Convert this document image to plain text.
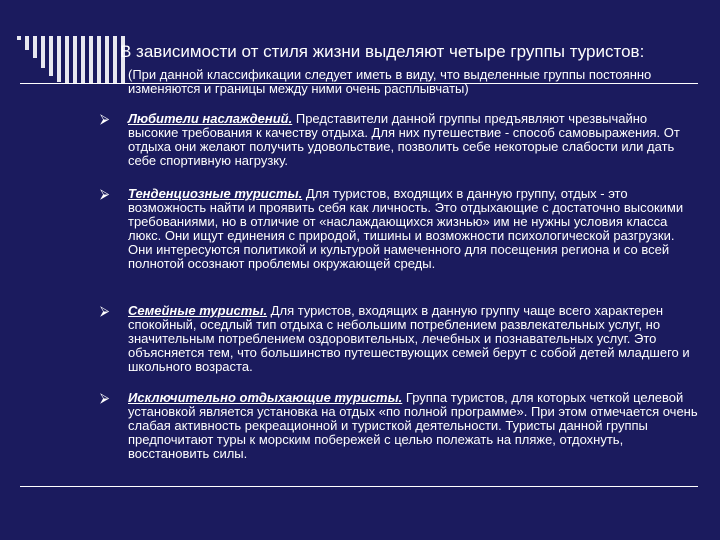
В зависимости от стиля жизни выделяют четыре группы туристов:
(При данной классификации следует иметь в виду, что выделенные группы постоянно изменяются и границы между ними очень расплывчаты)
⮚	Любители наслаждений. Представители данной группы предъявляют чрезвычайно высокие требования к качеству отдыха. Для них путешествие - способ самовыражения. От отдыха они желают получить удовольствие, позволить себе некоторые слабости или дать себе спортивную нагрузку.
⮚	Тенденциозные туристы. Для туристов, входящих в данную группу, отдых - это возможность найти и проявить себя как личность. Это отдыхающие с достаточно высокими требованиями, но в отличие от «наслаждающихся жизнью» им не нужны условия класса люкс. Они ищут единения с природой, тишины и возможности психологической разгрузки. Они интересуются политикой и культурой намеченного для посещения региона и со всей полнотой осознают проблемы окружающей среды.
⮚	Семейные туристы. Для туристов, входящих в данную группу чаще всего характерен спокойный, оседлый тип отдыха с небольшим потреблением развлекательных услуг, но значительным потреблением оздоровительных, лечебных и познавательных услуг. Это объясняется тем, что большинство путешествующих семей берут с собой детей младшего и школьного возраста.
⮚	Исключительно отдыхающие туристы. Группа туристов, для которых четкой целевой установкой является установка на отдых «по полной программе». При этом отмечается очень слабая активность рекреационной и туристкой деятельности. Туристы данной группы предпочитают туры к морским побережей с целью полежать на пляже, отдохнуть, восстановить силы.
